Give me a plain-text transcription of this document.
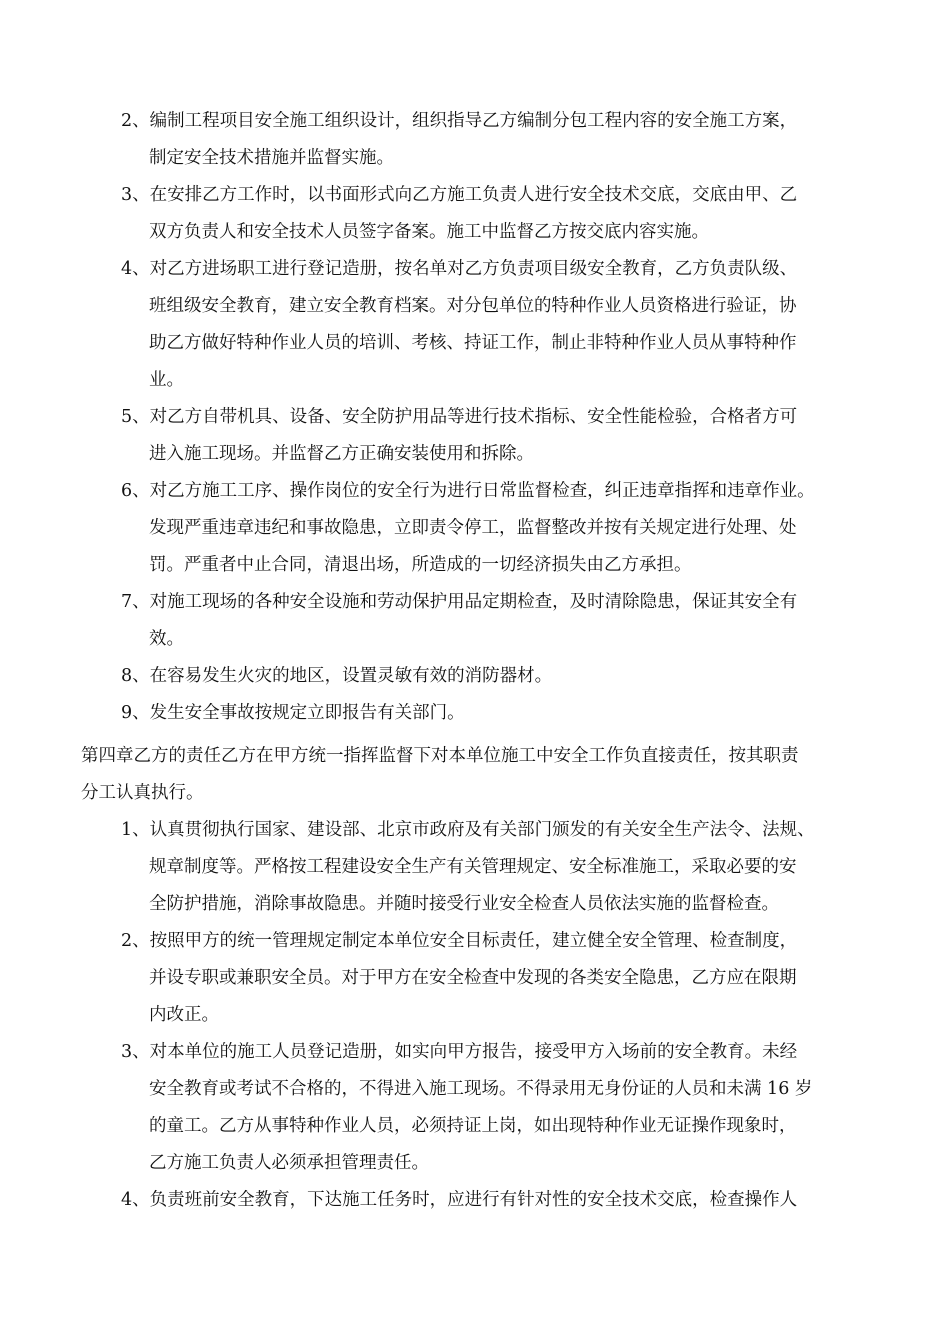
2、编制工程项目安全施工组织设计，组织指导乙方编制分包工程内容的安全施工方案，
制定安全技术措施并监督实施。
3、在安排乙方工作时，以书面形式向乙方施工负责人进行安全技术交底，交底由甲、乙
双方负责人和安全技术人员签字备案。施工中监督乙方按交底内容实施。
4、对乙方进场职工进行登记造册，按名单对乙方负责项目级安全教育，乙方负责队级、
班组级安全教育，建立安全教育档案。对分包单位的特种作业人员资格进行验证，协
助乙方做好特种作业人员的培训、考核、持证工作，制止非特种作业人员从事特种作
业。
5、对乙方自带机具、设备、安全防护用品等进行技术指标、安全性能检验，合格者方可
进入施工现场。并监督乙方正确安装使用和拆除。
6、对乙方施工工序、操作岗位的安全行为进行日常监督检查，纠正违章指挥和违章作业。
发现严重违章违纪和事故隐患，立即责令停工，监督整改并按有关规定进行处理、处
罚。严重者中止合同，清退出场，所造成的一切经济损失由乙方承担。
7、对施工现场的各种安全设施和劳动保护用品定期检查，及时清除隐患，保证其安全有
效。
8、在容易发生火灾的地区，设置灵敏有效的消防器材。
9、发生安全事故按规定立即报告有关部门。
第四章乙方的责任乙方在甲方统一指挥监督下对本单位施工中安全工作负直接责任，按其职责
分工认真执行。
1、认真贯彻执行国家、建设部、北京市政府及有关部门颁发的有关安全生产法令、法规、
规章制度等。严格按工程建设安全生产有关管理规定、安全标准施工，采取必要的安
全防护措施，消除事故隐患。并随时接受行业安全检查人员依法实施的监督检查。
2、按照甲方的统一管理规定制定本单位安全目标责任，建立健全安全管理、检查制度，
并设专职或兼职安全员。对于甲方在安全检查中发现的各类安全隐患，乙方应在限期
内改正。
3、对本单位的施工人员登记造册，如实向甲方报告，接受甲方入场前的安全教育。未经
安全教育或考试不合格的，不得进入施工现场。不得录用无身份证的人员和未满 16 岁
的童工。乙方从事特种作业人员，必须持证上岗，如出现特种作业无证操作现象时，
乙方施工负责人必须承担管理责任。
4、负责班前安全教育，下达施工任务时，应进行有针对性的安全技术交底，检查操作人
